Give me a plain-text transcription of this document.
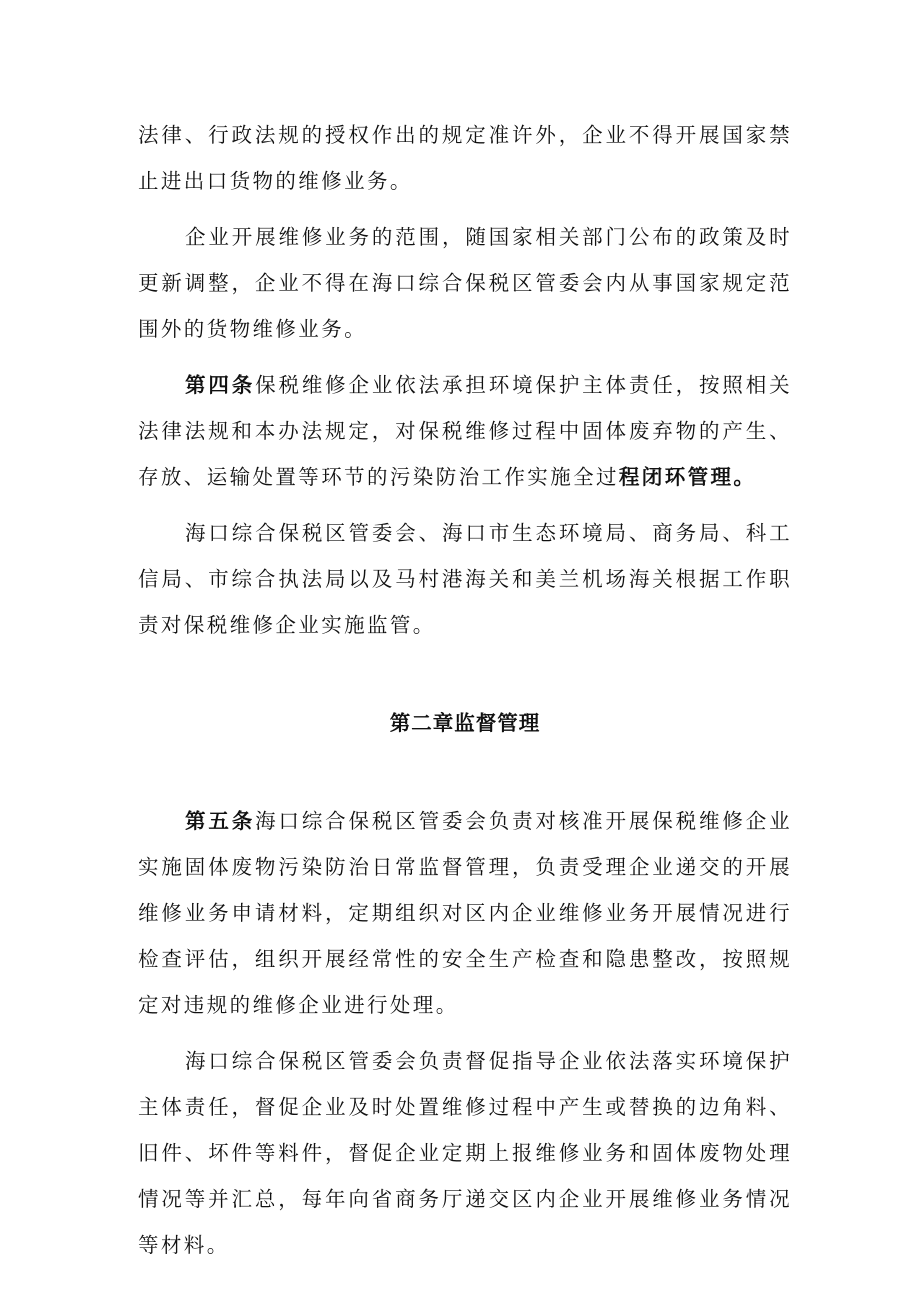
法律、行政法规的授权作出的规定准许外，企业不得开展国家禁止进出口货物的维修业务。

企业开展维修业务的范围，随国家相关部门公布的政策及时更新调整，企业不得在海口综合保税区管委会内从事国家规定范围外的货物维修业务。

第四条保税维修企业依法承担环境保护主体责任，按照相关法律法规和本办法规定，对保税维修过程中固体废弃物的产生、存放、运输处置等环节的污染防治工作实施全过程闭环管理。

海口综合保税区管委会、海口市生态环境局、商务局、科工信局、市综合执法局以及马村港海关和美兰机场海关根据工作职责对保税维修企业实施监管。

第二章监督管理

第五条海口综合保税区管委会负责对核准开展保税维修企业实施固体废物污染防治日常监督管理，负责受理企业递交的开展维修业务申请材料，定期组织对区内企业维修业务开展情况进行检查评估，组织开展经常性的安全生产检查和隐患整改，按照规定对违规的维修企业进行处理。

海口综合保税区管委会负责督促指导企业依法落实环境保护主体责任，督促企业及时处置维修过程中产生或替换的边角料、旧件、坏件等料件，督促企业定期上报维修业务和固体废物处理情况等并汇总，每年向省商务厅递交区内企业开展维修业务情况等材料。
